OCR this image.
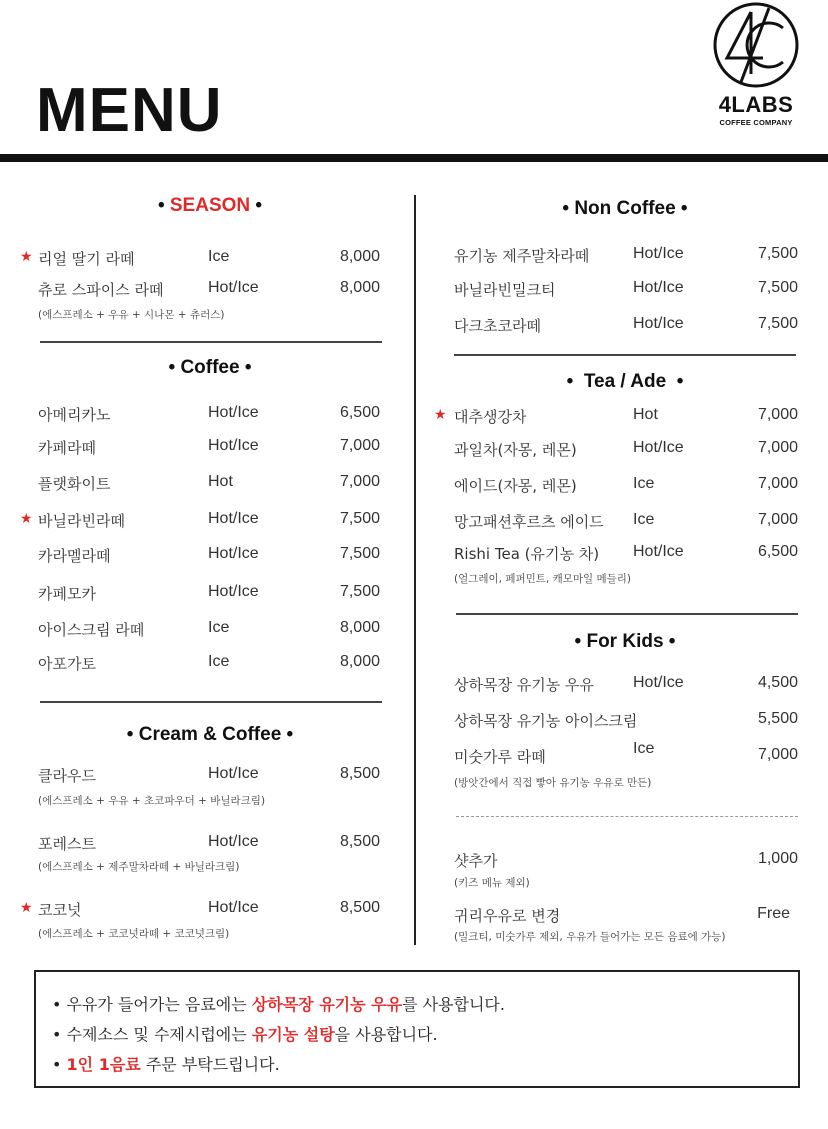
MENU	4LABS
COFFEE COMPANY
• SEASON •
★ 리얼 딸기 라떼	Ice	8,000
츄로 스파이스 라떼	Hot/Ice	8,000
(에스프레소 + 우유 + 시나몬 + 츄러스)
• Coffee •
아메리카노	Hot/Ice	6,500
카페라떼	Hot/Ice	7,000
플랫화이트	Hot	7,000
★ 바닐라빈라떼	Hot/Ice	7,500
카라멜라떼	Hot/Ice	7,500
카페모카	Hot/Ice	7,500
아이스크림 라떼	Ice	8,000
아포가토	Ice	8,000
• Cream & Coffee •
클라우드	Hot/Ice	8,500
(에스프레소 + 우유 + 초코파우더 + 바닐라크림)
포레스트	Hot/Ice	8,500
(에스프레소 + 제주말차라떼 + 바닐라크림)
★ 코코넛	Hot/Ice	8,500
(에스프레소 + 코코넛라떼 + 코코넛크림)
• Non Coffee •
유기농 제주말차라떼	Hot/Ice	7,500
바닐라빈밀크티	Hot/Ice	7,500
다크초코라떼	Hot/Ice	7,500
•  Tea / Ade  •
★ 대추생강차	Hot	7,000
과일차(자몽, 레몬)	Hot/Ice	7,000
에이드(자몽, 레몬)	Ice	7,000
망고패션후르츠 에이드 Ice	7,000
Rishi Tea (유기농 차) Hot/Ice	6,500
(얼그레이, 페퍼민트, 캐모마일 메들리)
• For Kids •
상하목장 유기농 우유 Hot/Ice	4,500
상하목장 유기농 아이스크림	5,500
미숫가루 라떼	Ice	7,000
(방앗간에서 직접 빻아 유기농 우유로 만든)
샷추가	1,000
(키즈 메뉴 제외)
귀리우유로 변경	Free
(밀크티, 미숫가루 제외, 우유가 들어가는 모든 음료에 가능)

• 우유가 들어가는 음료에는 상하목장 유기농 우유를 사용합니다.

• 수제소스 및 수제시럽에는 유기농 설탕을 사용합니다.

• 1인 1음료 주문 부탁드립니다.
